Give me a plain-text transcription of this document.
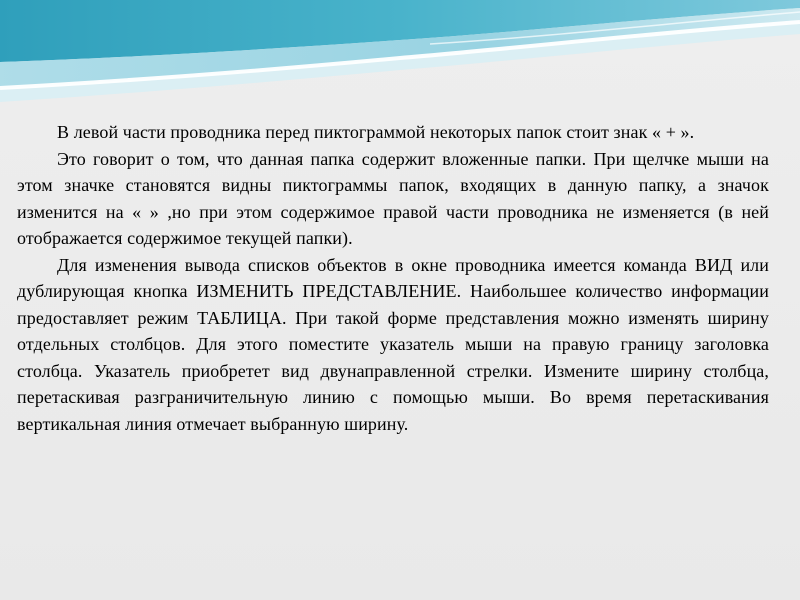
В левой части проводника перед пиктограммой некоторых папок стоит знак « + ».

Это говорит о том, что данная папка содержит вложенные папки. При щелчке мыши на этом значке становятся видны пиктограммы папок, входящих в данную папку, а значок изменится на « » ,но при этом содержимое правой части проводника не изменяется (в ней отображается содержимое текущей папки).

Для изменения вывода списков объектов в окне проводника имеется команда ВИД или дублирующая кнопка ИЗМЕНИТЬ ПРЕДСТАВЛЕНИЕ. Наибольшее количество информации предоставляет режим ТАБЛИЦА. При такой форме представления можно изменять ширину отдельных столбцов. Для этого поместите указатель мыши на правую границу заголовка столбца. Указатель приобретет вид двунаправленной стрелки. Измените ширину столбца, перетаскивая разграничительную линию с помощью мыши. Во время перетаскивания вертикальная линия отмечает выбранную ширину.
